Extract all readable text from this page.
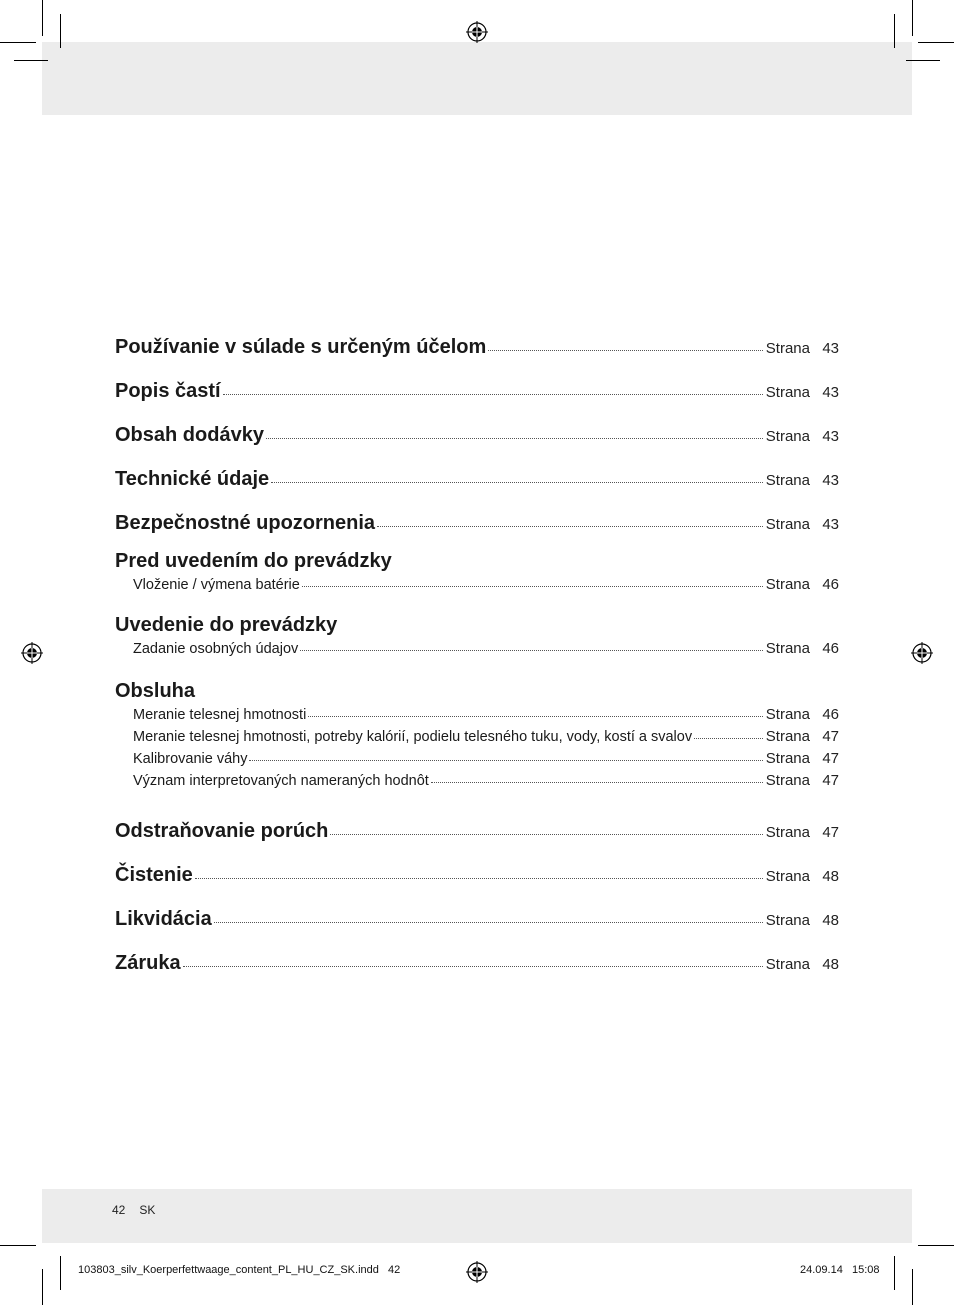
Používanie v súlade s určeným účelom	Strana 43
Popis častí	Strana 43
Obsah dodávky	Strana 43
Technické údaje	Strana 43
Bezpečnostné upozornenia	Strana 43
Pred uvedením do prevádzky
Vloženie / výmena batérie	Strana 46
Uvedenie do prevádzky
Zadanie osobných údajov	Strana 46
Obsluha
Meranie telesnej hmotnosti	Strana 46
Meranie telesnej hmotnosti, potreby kalórií, podielu telesného tuku, vody, kostí a svalov	Strana 47
Kalibrovanie váhy	Strana 47
Význam interpretovaných nameraných hodnôt	Strana 47
Odstraňovanie porúch	Strana 47
Čistenie	Strana 48
Likvidácia	Strana 48
Záruka	Strana 48
42 SK
103803_silv_Koerperfettwaage_content_PL_HU_CZ_SK.indd   42	24.09.14   15:08
